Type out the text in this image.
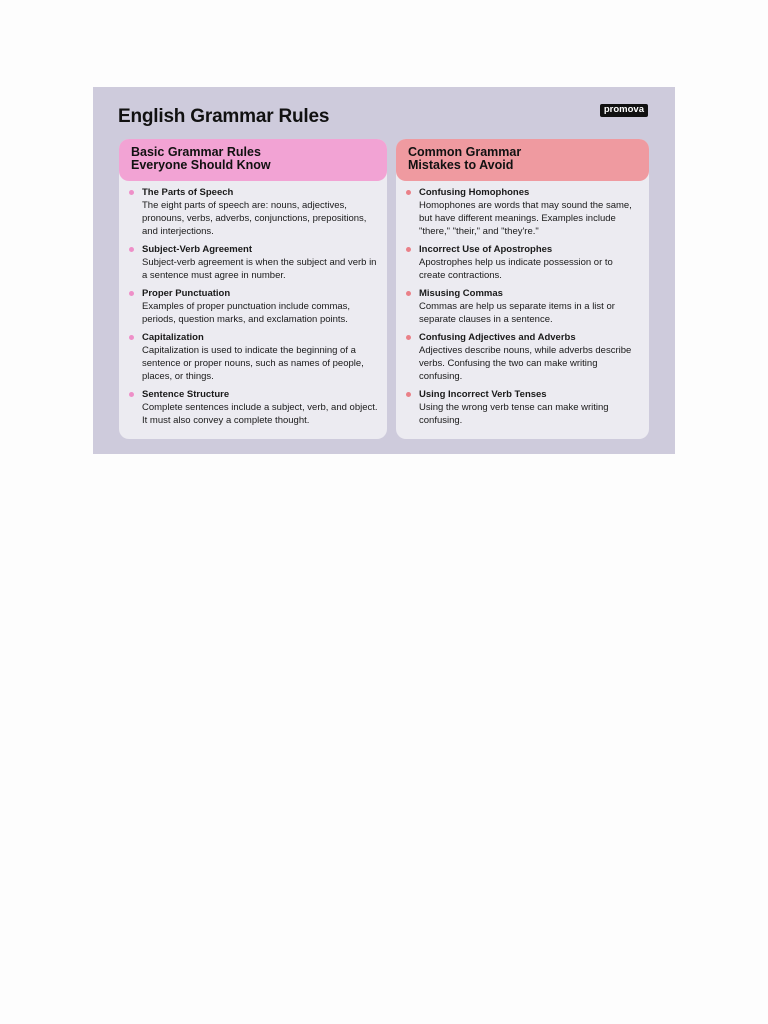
English Grammar Rules	promova
Basic Grammar Rules
Everyone Should Know
The Parts of Speech
The eight parts of speech are: nouns, adjectives, pronouns, verbs, adverbs, conjunctions, prepositions, and interjections.
Subject-Verb Agreement
Subject-verb agreement is when the subject and verb in a sentence must agree in number.
Proper Punctuation
Examples of proper punctuation include commas, periods, question marks, and exclamation points.
Capitalization
Capitalization is used to indicate the beginning of a sentence or proper nouns, such as names of people, places, or things.
Sentence Structure
Complete sentences include a subject, verb, and object. It must also convey a complete thought.
Common Grammar
Mistakes to Avoid
Confusing Homophones
Homophones are words that may sound the same, but have different meanings. Examples include "there," "their," and "they're."
Incorrect Use of Apostrophes
Apostrophes help us indicate possession or to create contractions.
Misusing Commas
Commas are help us separate items in a list or separate clauses in a sentence.
Confusing Adjectives and Adverbs
Adjectives describe nouns, while adverbs describe verbs. Confusing the two can make writing confusing.
Using Incorrect Verb Tenses
Using the wrong verb tense can make writing confusing.
